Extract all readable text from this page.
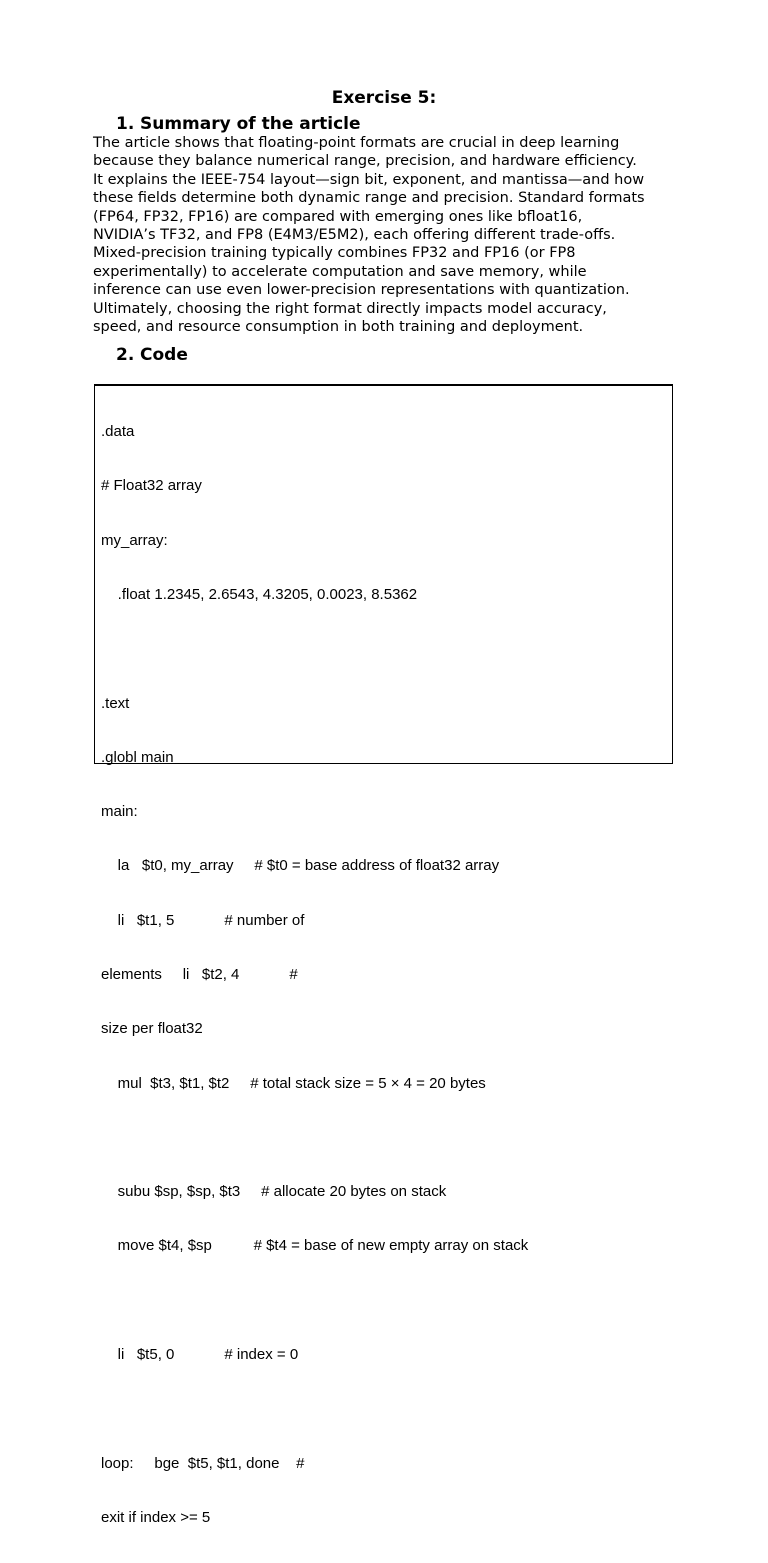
Exercise 5:
1. Summary of the article
The article shows that floating-point formats are crucial in deep learning
because they balance numerical range, precision, and hardware efficiency.
It explains the IEEE-754 layout—sign bit, exponent, and mantissa—and how
these fields determine both dynamic range and precision. Standard formats
(FP64, FP32, FP16) are compared with emerging ones like bfloat16,
NVIDIA’s TF32, and FP8 (E4M3/E5M2), each offering different trade-offs.
Mixed-precision training typically combines FP32 and FP16 (or FP8
experimentally) to accelerate computation and save memory, while
inference can use even lower-precision representations with quantization.
Ultimately, choosing the right format directly impacts model accuracy,
speed, and resource consumption in both training and deployment.
2. Code

.data

# Float32 array

my_array:

.float 1.2345, 2.6543, 4.3205, 0.0023, 8.5362

.text

.globl main

main:

la   $t0, my_array     # $t0 = base address of float32 array

li   $t1, 5            # number of

elements     li   $t2, 4            #

size per float32

mul  $t3, $t1, $t2     # total stack size = 5 × 4 = 20 bytes

subu $sp, $sp, $t3     # allocate 20 bytes on stack

move $t4, $sp          # $t4 = base of new empty array on stack

li   $t5, 0            # index = 0

loop:     bge  $t5, $t1, done    #

exit if index >= 5
